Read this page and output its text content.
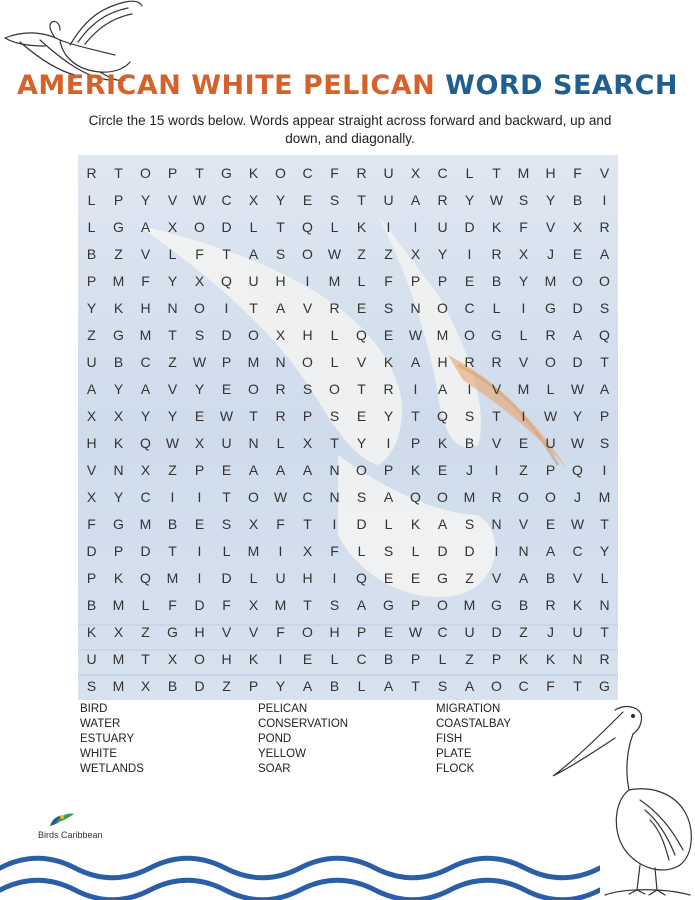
AMERICAN WHITE PELICAN WORD SEARCH
Circle the 15 words below. Words appear straight across forward and backward, up and down, and diagonally.
R	T	O	P	T	G	K	O	C	F	R	U	X	C	L	T	M	H	F	V
L	P	Y	V	W	C	X	Y	E	S	T	U	A	R	Y	W	S	Y	B	I
L	G	A	X	O	D	L	T	Q	L	K	I	I	U	D	K	F	V	X	R
B	Z	V	L	F	T	A	S	O	W	Z	Z	X	Y	I	R	X	J	E	A
P	M	F	Y	X	Q	U	H	I	M	L	F	P	P	E	B	Y	M	O	O
Y	K	H	N	O	I	T	A	V	R	E	S	N	O	C	L	I	G	D	S
Z	G	M	T	S	D	O	X	H	L	Q	E	W	M	O	G	L	R	A	Q
U	B	C	Z	W	P	M	N	O	L	V	K	A	H	R	R	V	O	D	T
A	Y	A	V	Y	E	O	R	S	O	T	R	I	A	I	V	M	L	W	A
X	X	Y	Y	E	W	T	R	P	S	E	Y	T	Q	S	T	I	W	Y	P
H	K	Q	W	X	U	N	L	X	T	Y	I	P	K	B	V	E	U	W	S
V	N	X	Z	P	E	A	A	A	N	O	P	K	E	J	I	Z	P	Q	I
X	Y	C	I	I	T	O	W	C	N	S	A	Q	O	M	R	O	O	J	M
F	G	M	B	E	S	X	F	T	I	D	L	K	A	S	N	V	E	W	T
D	P	D	T	I	L	M	I	X	F	L	S	L	D	D	I	N	A	C	Y
P	K	Q	M	I	D	L	U	H	I	Q	E	E	G	Z	V	A	B	V	L
B	M	L	F	D	F	X	M	T	S	A	G	P	O	M	G	B	R	K	N
K	X	Z	G	H	V	V	F	O	H	P	E	W	C	U	D	Z	J	U	T
U	M	T	X	O	H	K	I	E	L	C	B	P	L	Z	P	K	K	N	R
S	M	X	B	D	Z	P	Y	A	B	L	A	T	S	A	O	C	F	T	G
BIRD	PELICAN	MIGRATION
WATER	CONSERVATION	COASTALBAY
ESTUARY	POND	FISH
WHITE	YELLOW	PLATE
WETLANDS	SOAR	FLOCK
Birds Caribbean
